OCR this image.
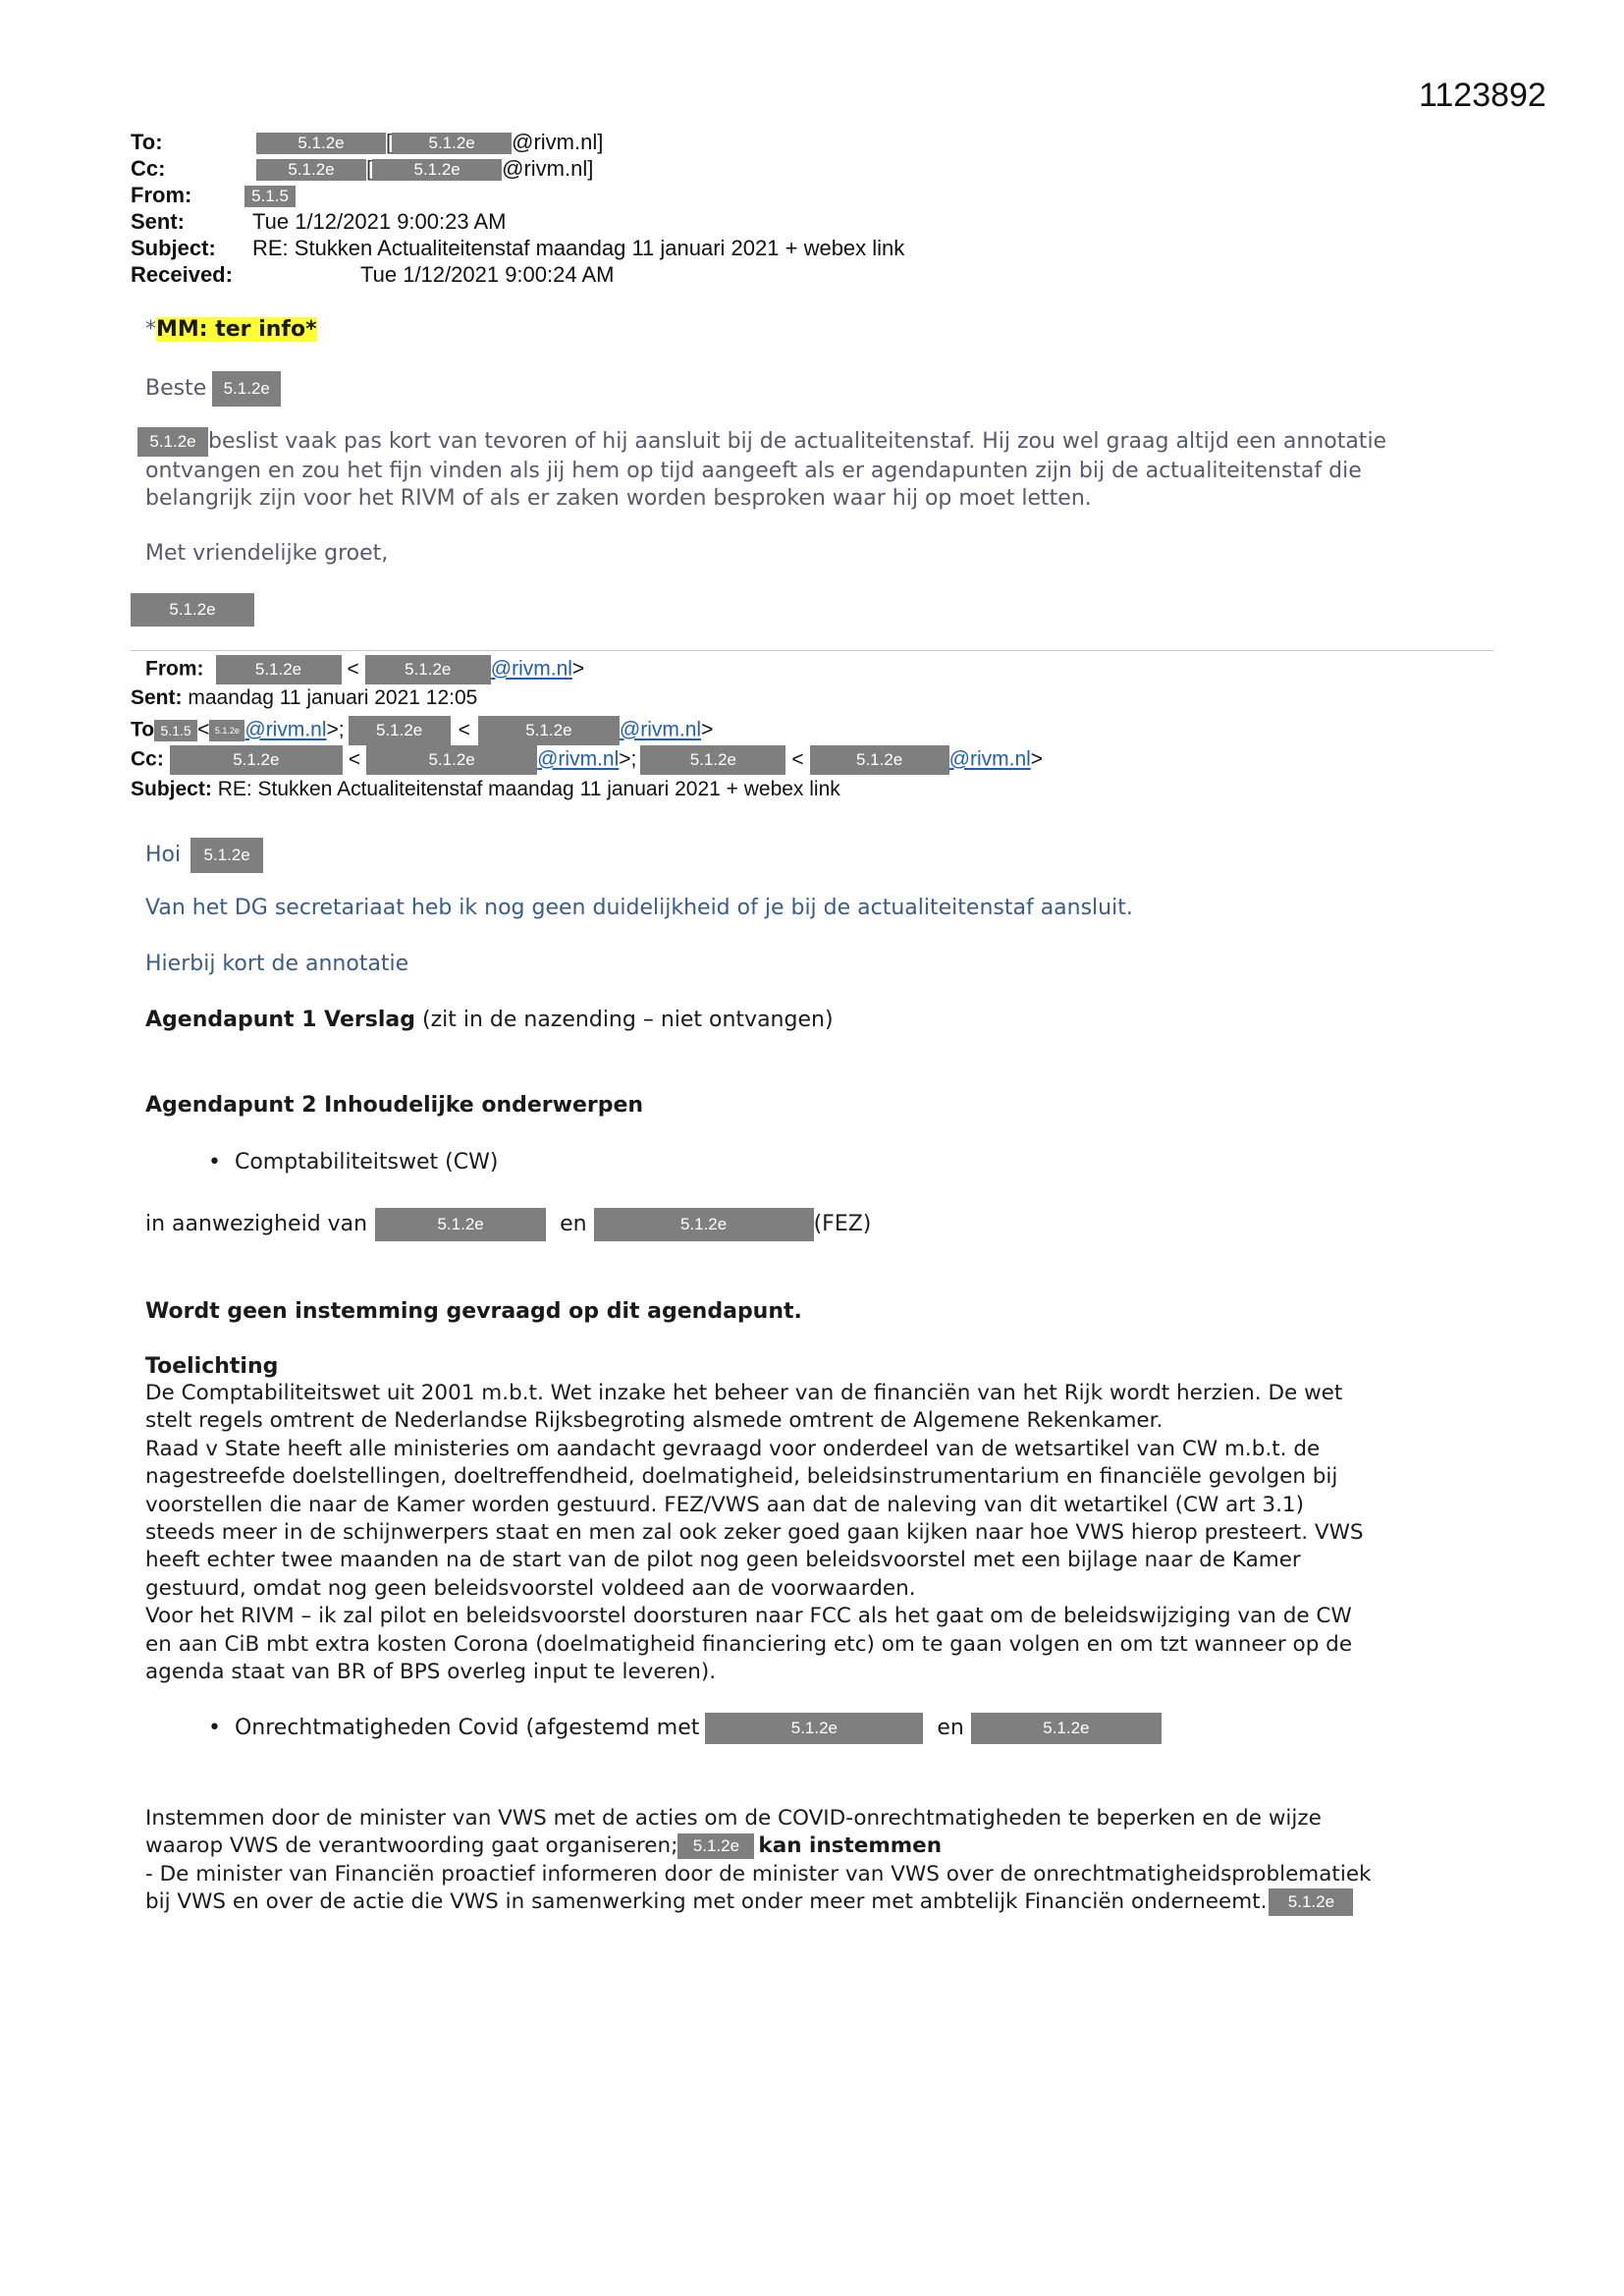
1123892
To:	5.1.2e [ 5.1.2e @rivm.nl]
Cc:	5.1.2e [ 5.1.2e @rivm.nl]
From:	5.1.5
Sent:	Tue 1/12/2021 9:00:23 AM
Subject: RE: Stukken Actualiteitenstaf maandag 11 januari 2021 + webex link
Received:	Tue 1/12/2021 9:00:24 AM
*MM: ter info*
Beste 5.1.2e
5.1.2e beslist vaak pas kort van tevoren of hij aansluit bij de actualiteitenstaf. Hij zou wel graag altijd een annotatie
ontvangen en zou het fijn vinden als jij hem op tijd aangeeft als er agendapunten zijn bij de actualiteitenstaf die
belangrijk zijn voor het RIVM of als er zaken worden besproken waar hij op moet letten.
Met vriendelijke groet,
5.1.2e
From:	5.1.2e <	5.1.2e @rivm.nl>
Sent: maandag 11 januari 2021 12:05
To 5.1.5 < 5.1.2e @rivm.nl>; 5.1.2e <	5.1.2e @rivm.nl>
Cc:	5.1.2e	<	5.1.2e	@rivm.nl>;	5.1.2e	<	5.1.2e @rivm.nl>
Subject: RE: Stukken Actualiteitenstaf maandag 11 januari 2021 + webex link
Hoi 5.1.2e
Van het DG secretariaat heb ik nog geen duidelijkheid of je bij de actualiteitenstaf aansluit.
Hierbij kort de annotatie
Agendapunt 1 Verslag (zit in de nazending – niet ontvangen)
Agendapunt 2 Inhoudelijke onderwerpen
• Comptabiliteitswet (CW)
in aanwezigheid van	5.1.2e	en	5.1.2e	(FEZ)
Wordt geen instemming gevraagd op dit agendapunt.
Toelichting
De Comptabiliteitswet uit 2001 m.b.t. Wet inzake het beheer van de financiën van het Rijk wordt herzien. De wet
stelt regels omtrent de Nederlandse Rijksbegroting alsmede omtrent de Algemene Rekenkamer.
Raad v State heeft alle ministeries om aandacht gevraagd voor onderdeel van de wetsartikel van CW m.b.t. de
nagestreefde doelstellingen, doeltreffendheid, doelmatigheid, beleidsinstrumentarium en financiële gevolgen bij
voorstellen die naar de Kamer worden gestuurd. FEZ/VWS aan dat de naleving van dit wetartikel (CW art 3.1)
steeds meer in de schijnwerpers staat en men zal ook zeker goed gaan kijken naar hoe VWS hierop presteert. VWS
heeft echter twee maanden na de start van de pilot nog geen beleidsvoorstel met een bijlage naar de Kamer
gestuurd, omdat nog geen beleidsvoorstel voldeed aan de voorwaarden.
Voor het RIVM – ik zal pilot en beleidsvoorstel doorsturen naar FCC als het gaat om de beleidswijziging van de CW
en aan CiB mbt extra kosten Corona (doelmatigheid financiering etc) om te gaan volgen en om tzt wanneer op de
agenda staat van BR of BPS overleg input te leveren).
• Onrechtmatigheden Covid (afgestemd met	5.1.2e	en	5.1.2e
Instemmen door de minister van VWS met de acties om de COVID-onrechtmatigheden te beperken en de wijze
waarop VWS de verantwoording gaat organiseren; 5.1.2e kan instemmen
- De minister van Financiën proactief informeren door de minister van VWS over de onrechtmatigheidsproblematiek
bij VWS en over de actie die VWS in samenwerking met onder meer met ambtelijk Financiën onderneemt. 5.1.2e
